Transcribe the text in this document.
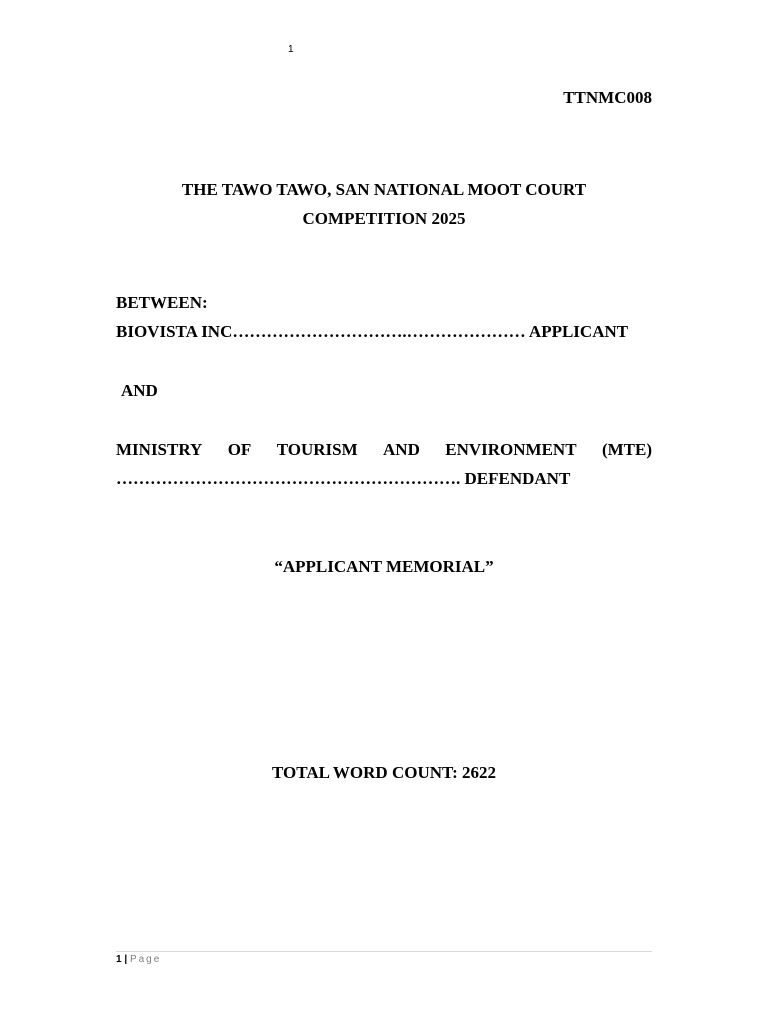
1
TTNMC008
THE TAWO TAWO, SAN NATIONAL MOOT COURT
COMPETITION 2025
BETWEEN:
BIOVISTA INC………………………….………………… APPLICANT
AND
MINISTRY OF TOURISM AND ENVIRONMENT (MTE)
……………………………………………………. DEFENDANT
“APPLICANT MEMORIAL”
TOTAL WORD COUNT: 2622
1 | Page
